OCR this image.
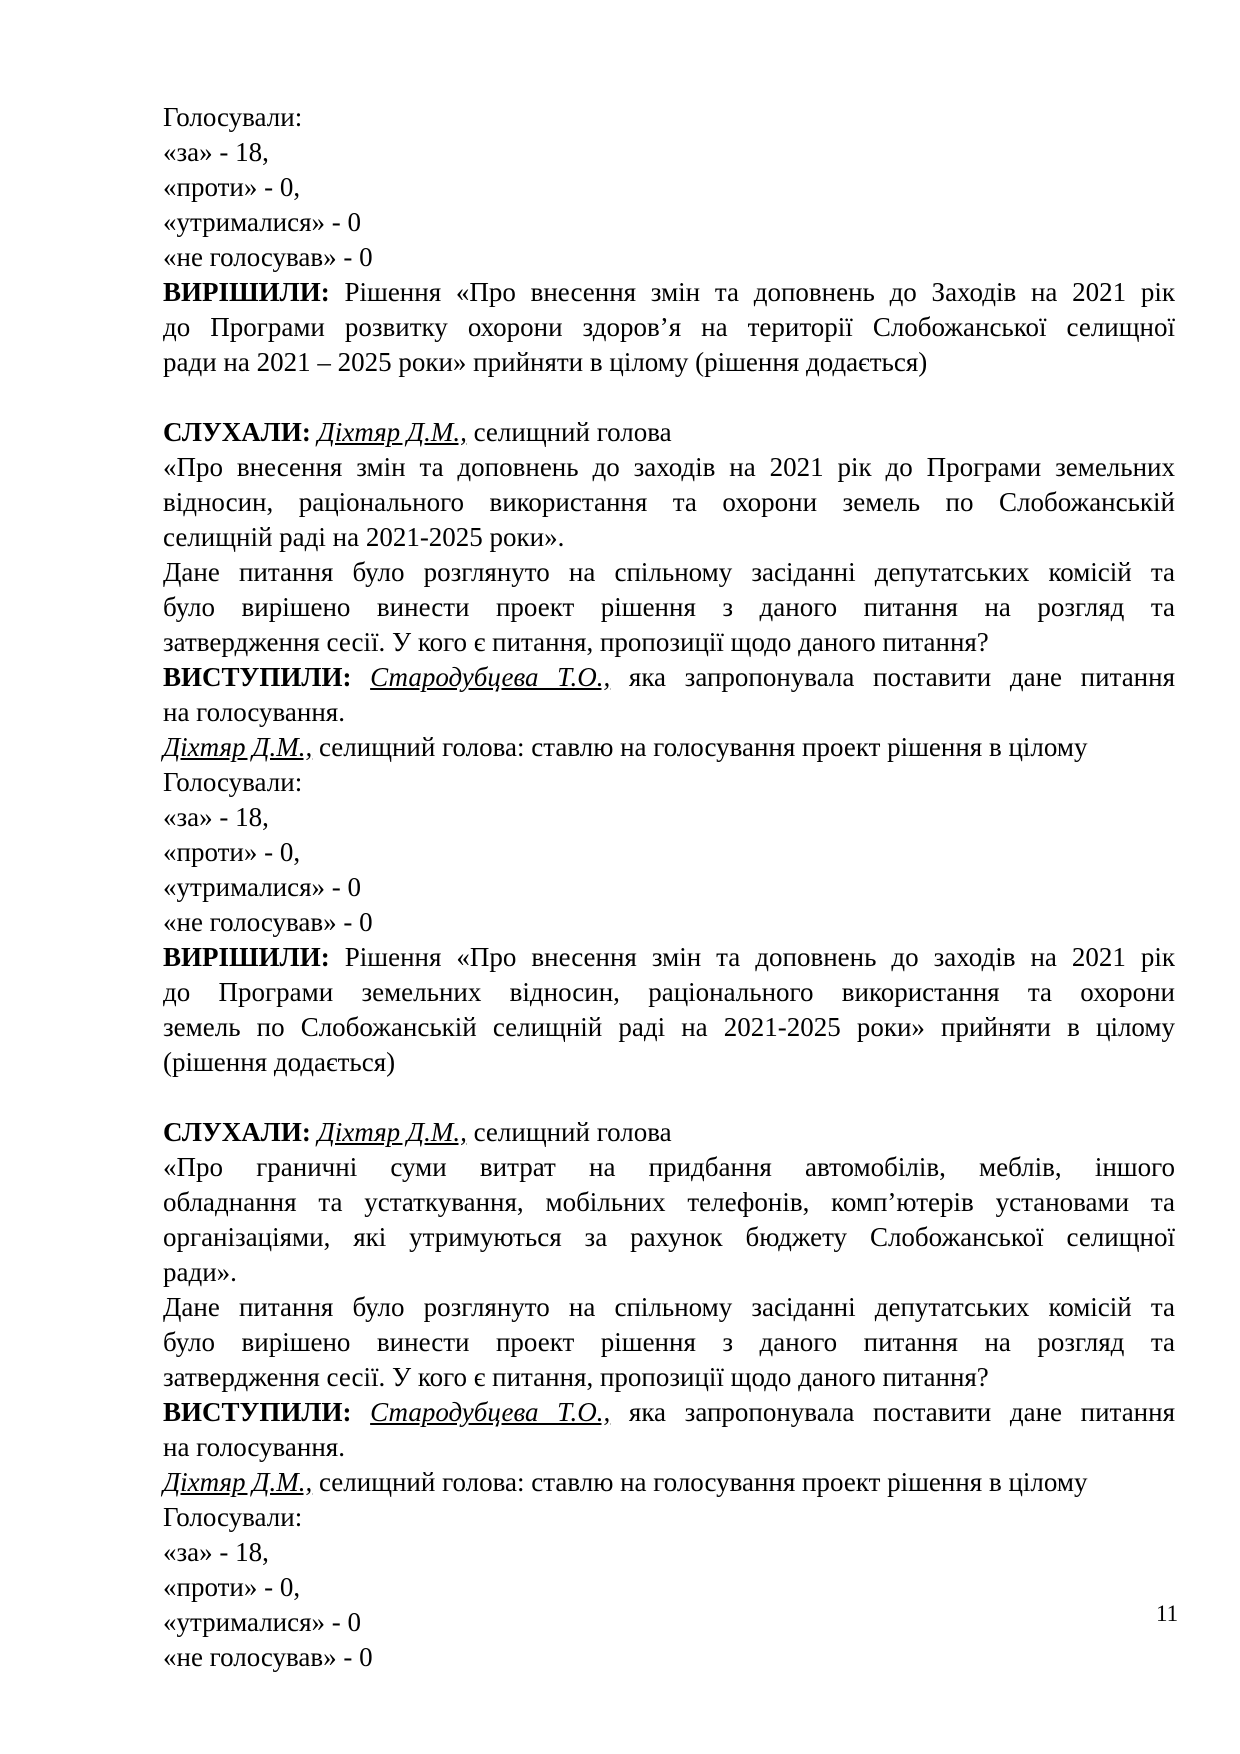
Голосували:
«за» - 18,
«проти» - 0,
«утрималися» - 0
«не голосував» - 0
ВИРІШИЛИ: Рішення «Про внесення змін та доповнень до Заходів на 2021 рік
до Програми розвитку охорони здоров’я на території Слобожанської селищної
ради на 2021 – 2025 роки» прийняти в цілому (рішення додається)
СЛУХАЛИ: Діхтяр Д.М., селищний голова
«Про внесення змін та доповнень до заходів на 2021 рік до Програми земельних
відносин, раціонального використання та охорони земель по Слобожанській
селищній раді на 2021-2025 роки».
Дане питання було розглянуто на спільному засіданні депутатських комісій та
було вирішено винести проект рішення з даного питання на розгляд та
затвердження сесії. У кого є питання, пропозиції щодо даного питання?
ВИСТУПИЛИ: Стародубцева Т.О., яка запропонувала поставити дане питання
на голосування.
Діхтяр Д.М., селищний голова: ставлю на голосування проект рішення в цілому
Голосували:
«за» - 18,
«проти» - 0,
«утрималися» - 0
«не голосував» - 0
ВИРІШИЛИ: Рішення «Про внесення змін та доповнень до заходів на 2021 рік
до Програми земельних відносин, раціонального використання та охорони
земель по Слобожанській селищній раді на 2021-2025 роки» прийняти в цілому
(рішення додається)
СЛУХАЛИ: Діхтяр Д.М., селищний голова
«Про граничні суми витрат на придбання автомобілів, меблів, іншого
обладнання та устаткування, мобільних телефонів, комп’ютерів установами та
організаціями, які утримуються за рахунок бюджету Слобожанської селищної
ради».
Дане питання було розглянуто на спільному засіданні депутатських комісій та
було вирішено винести проект рішення з даного питання на розгляд та
затвердження сесії. У кого є питання, пропозиції щодо даного питання?
ВИСТУПИЛИ: Стародубцева Т.О., яка запропонувала поставити дане питання
на голосування.
Діхтяр Д.М., селищний голова: ставлю на голосування проект рішення в цілому
Голосували:
«за» - 18,
«проти» - 0,
«утрималися» - 0
«не голосував» - 0
11
